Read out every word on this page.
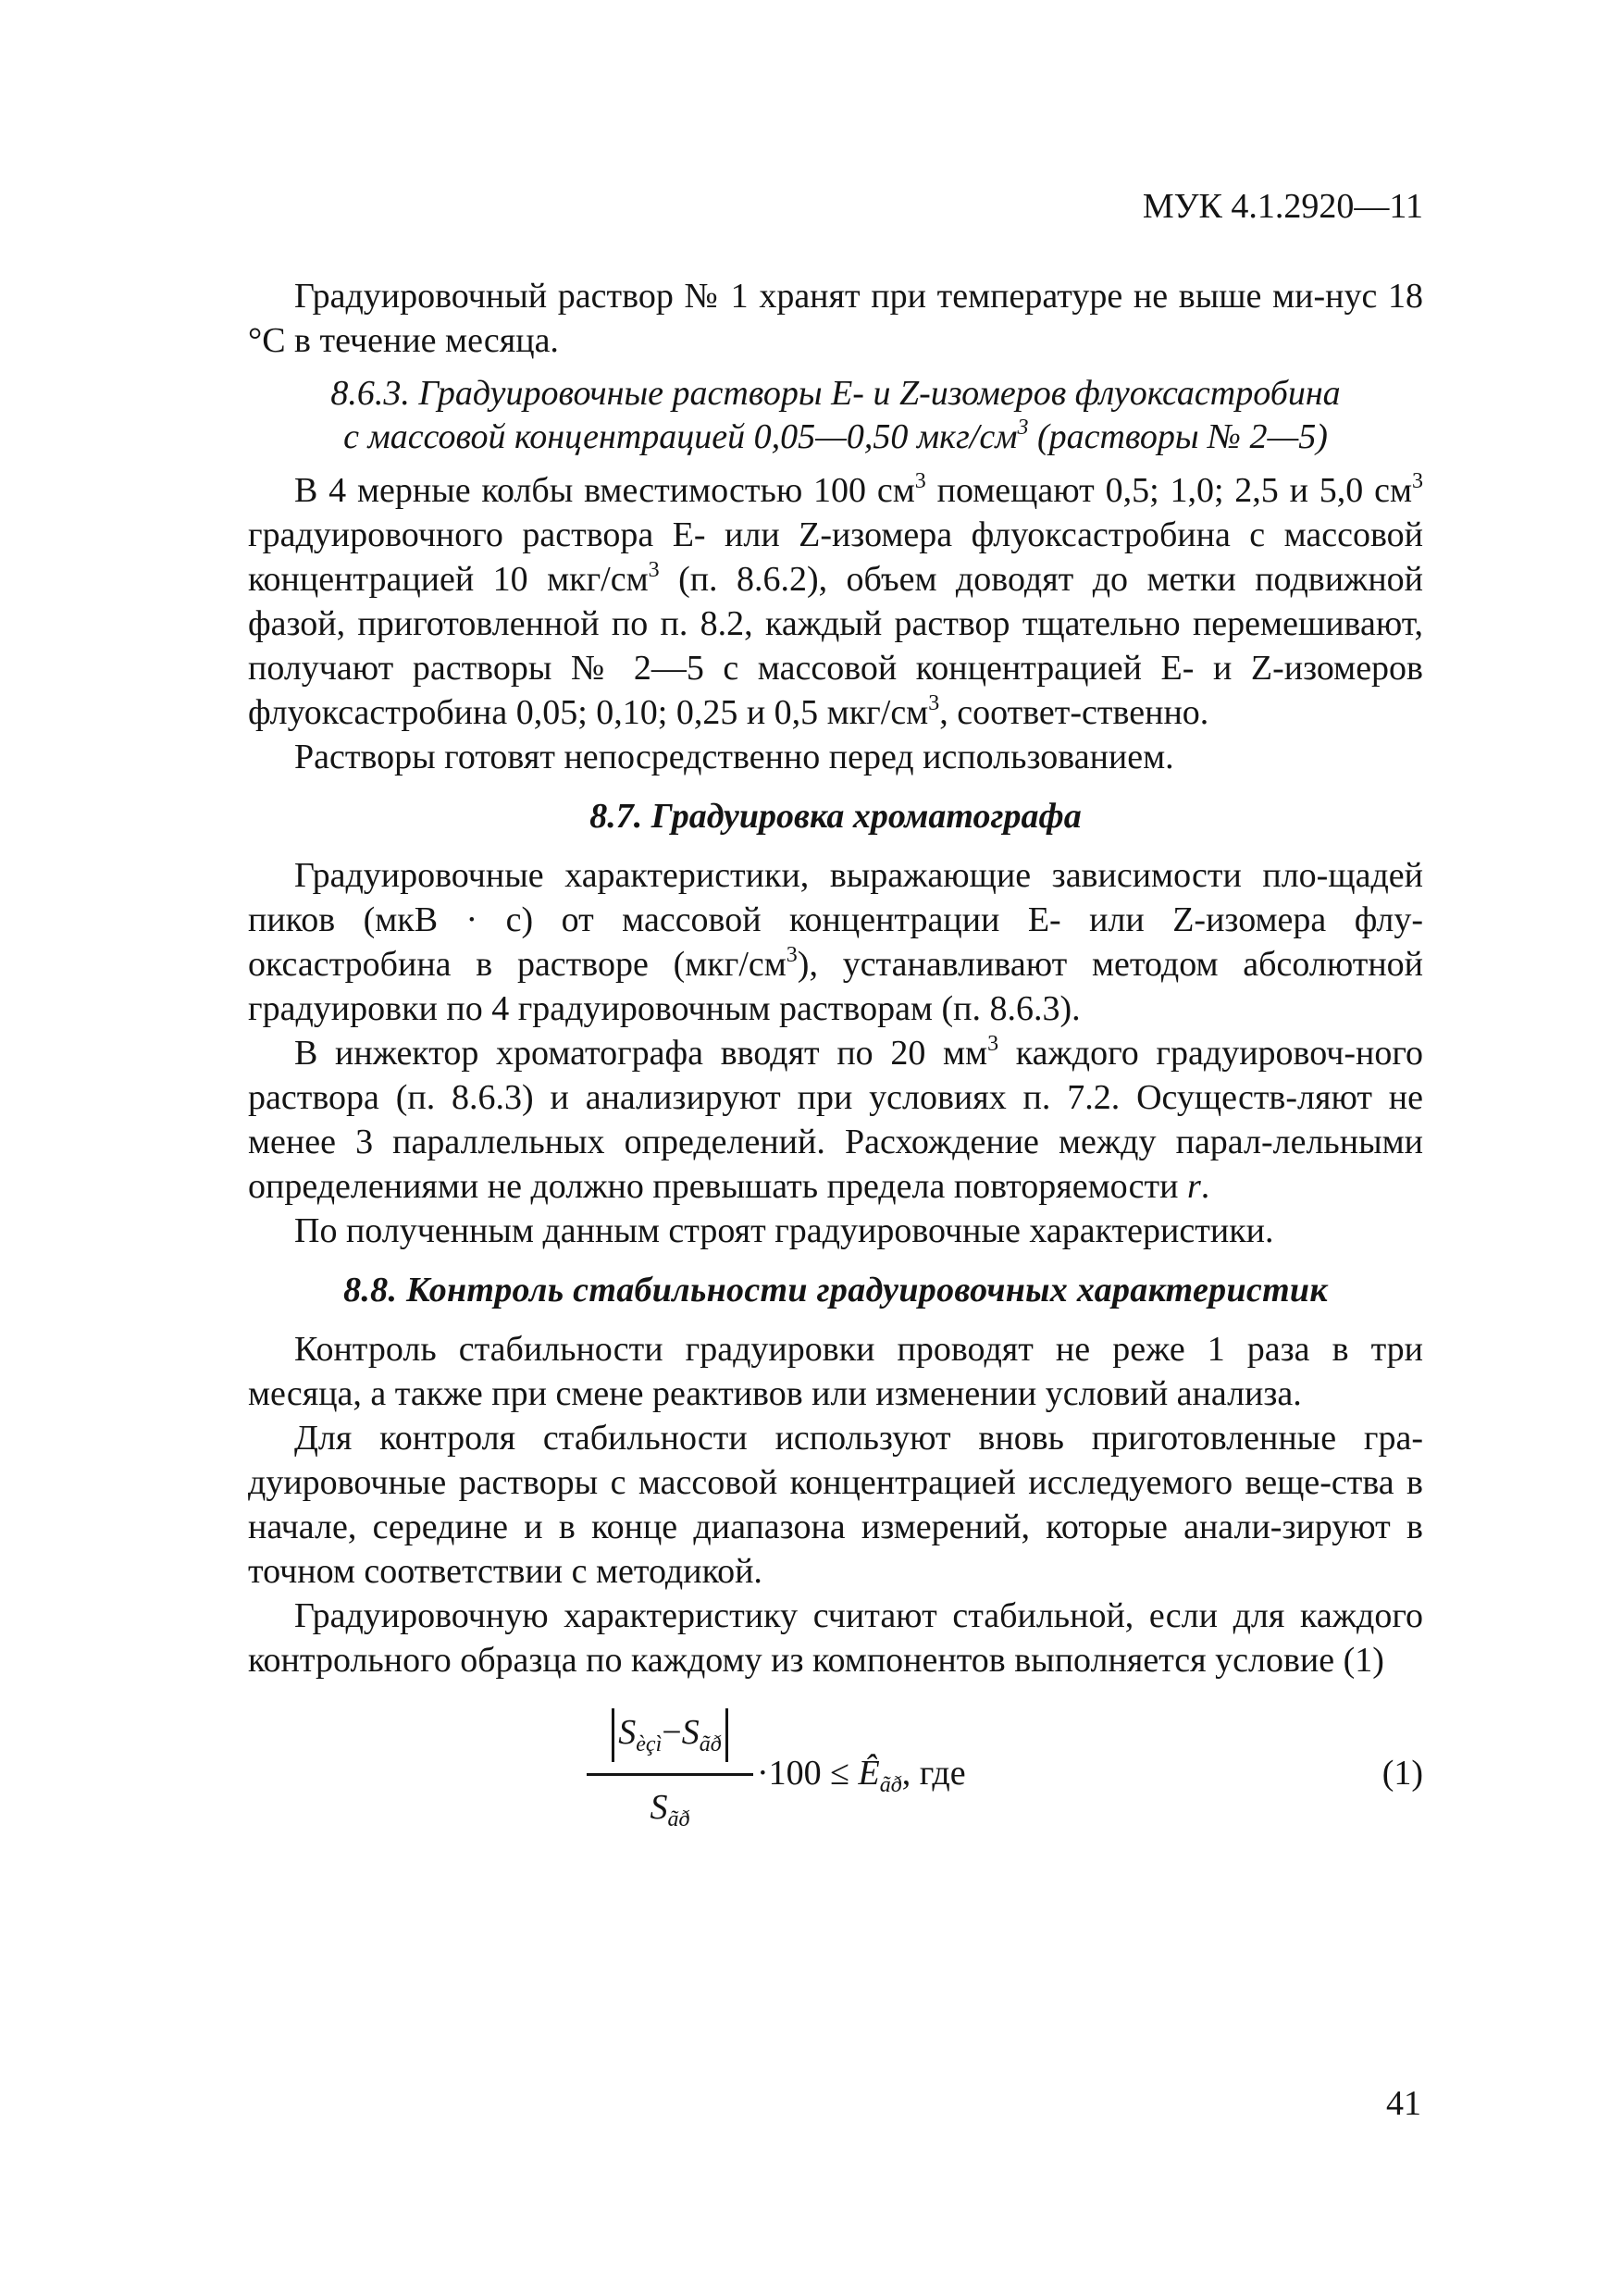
МУК 4.1.2920—11

Градуировочный раствор № 1 хранят при температуре не выше ми-нус 18 °С в течение месяца.

8.6.3. Градуировочные растворы E- и Z-изомеров флуоксастробина
с массовой концентрацией 0,05—0,50 мкг/$см^3$ (растворы № 2—5)

В 4 мерные колбы вместимостью 100 $см^3$ помещают 0,5; 1,0; 2,5 и 5,0 $см^3$ градуировочного раствора E- или Z-изомера флуоксастробина с массовой концентрацией 10 мкг/$см^3$ (п. 8.6.2), объем доводят до метки подвижной фазой, приготовленной по п. 8.2, каждый раствор тщательно перемешивают, получают растворы № 2—5 с массовой концентрацией E- и Z-изомеров флуоксастробина 0,05; 0,10; 0,25 и 0,5 мкг/$см^3$, соответ-ственно.

Растворы готовят непосредственно перед использованием.

8.7. Градуировка хроматографа

Градуировочные характеристики, выражающие зависимости пло-щадей пиков (мкВ · с) от массовой концентрации E- или Z-изомера флу-оксастробина в растворе $(мкг/см^3)$, устанавливают методом абсолютной градуировки по 4 градуировочным растворам (п. 8.6.3).

В инжектор хроматографа вводят по 20 $мм^3$ каждого градуировоч-ного раствора (п. 8.6.3) и анализируют при условиях п. 7.2. Осуществ-ляют не менее 3 параллельных определений. Расхождение между парал-лельными определениями не должно превышать предела повторяемости r.

По полученным данным строят градуировочные характеристики.

8.8. Контроль стабильности градуировочных характеристик

Контроль стабильности градуировки проводят не реже 1 раза в три месяца, а также при смене реактивов или изменении условий анализа.

Для контроля стабильности используют вновь приготовленные гра-дуировочные растворы с массовой концентрацией исследуемого веще-ства в начале, середине и в конце диапазона измерений, которые анали-зируют в точном соответствии с методикой.

Градуировочную характеристику считают стабильной, если для каждого контрольного образца по каждому из компонентов выполняется условие (1)

$S_{èçì}-S_{ãð}$
$S_{ãð}$
$\cdot 100 \le Ê_{ãð}$, где	(1)
41
